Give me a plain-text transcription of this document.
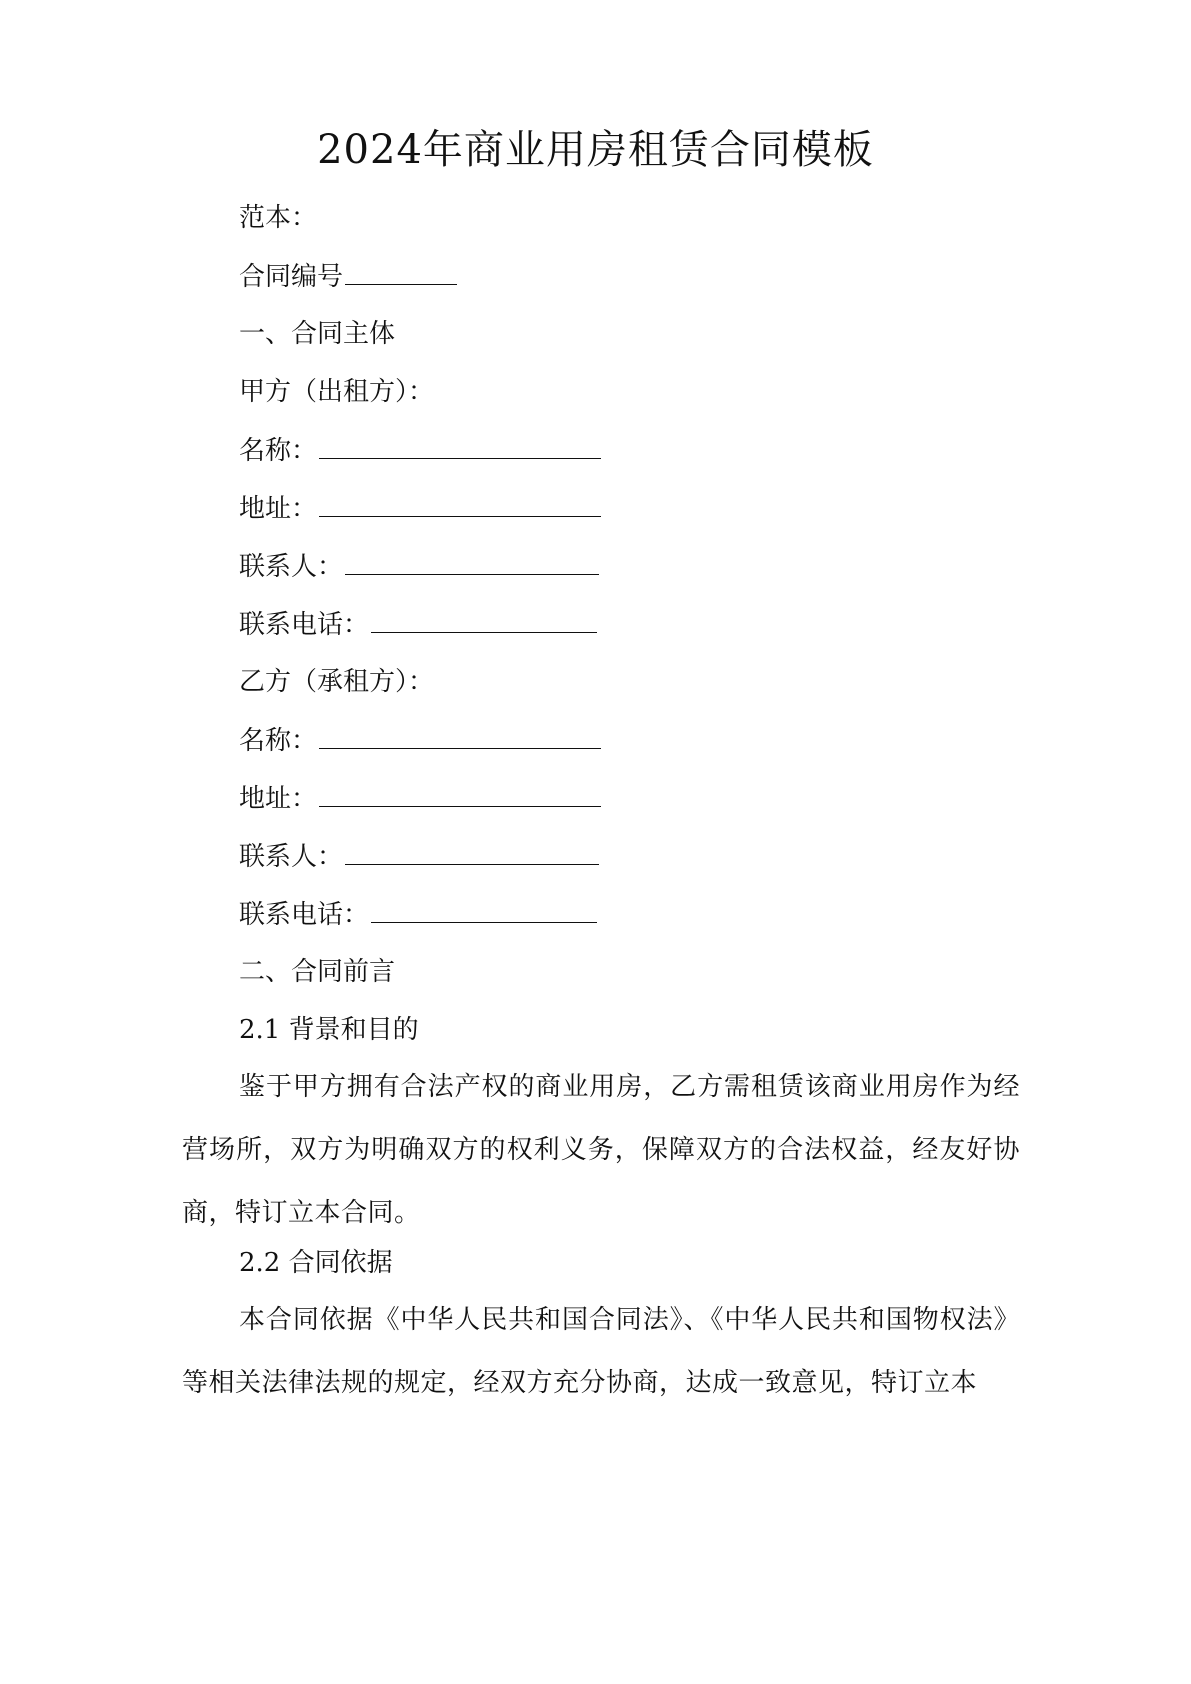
2024年商业用房租赁合同模板
范本：
合同编号
一、合同主体
甲方（出租方）：
名称：
地址：
联系人：
联系电话：
乙方（承租方）：
名称：
地址：
联系人：
联系电话：
二、合同前言
2.1 背景和目的
鉴于甲方拥有合法产权的商业用房，乙方需租赁该商业用房作为经营场所，双方为明确双方的权利义务，保障双方的合法权益，经友好协商，特订立本合同。
2.2 合同依据
本合同依据《中华人民共和国合同法》、《中华人民共和国物权法》等相关法律法规的规定，经双方充分协商，达成一致意见，特订立本
